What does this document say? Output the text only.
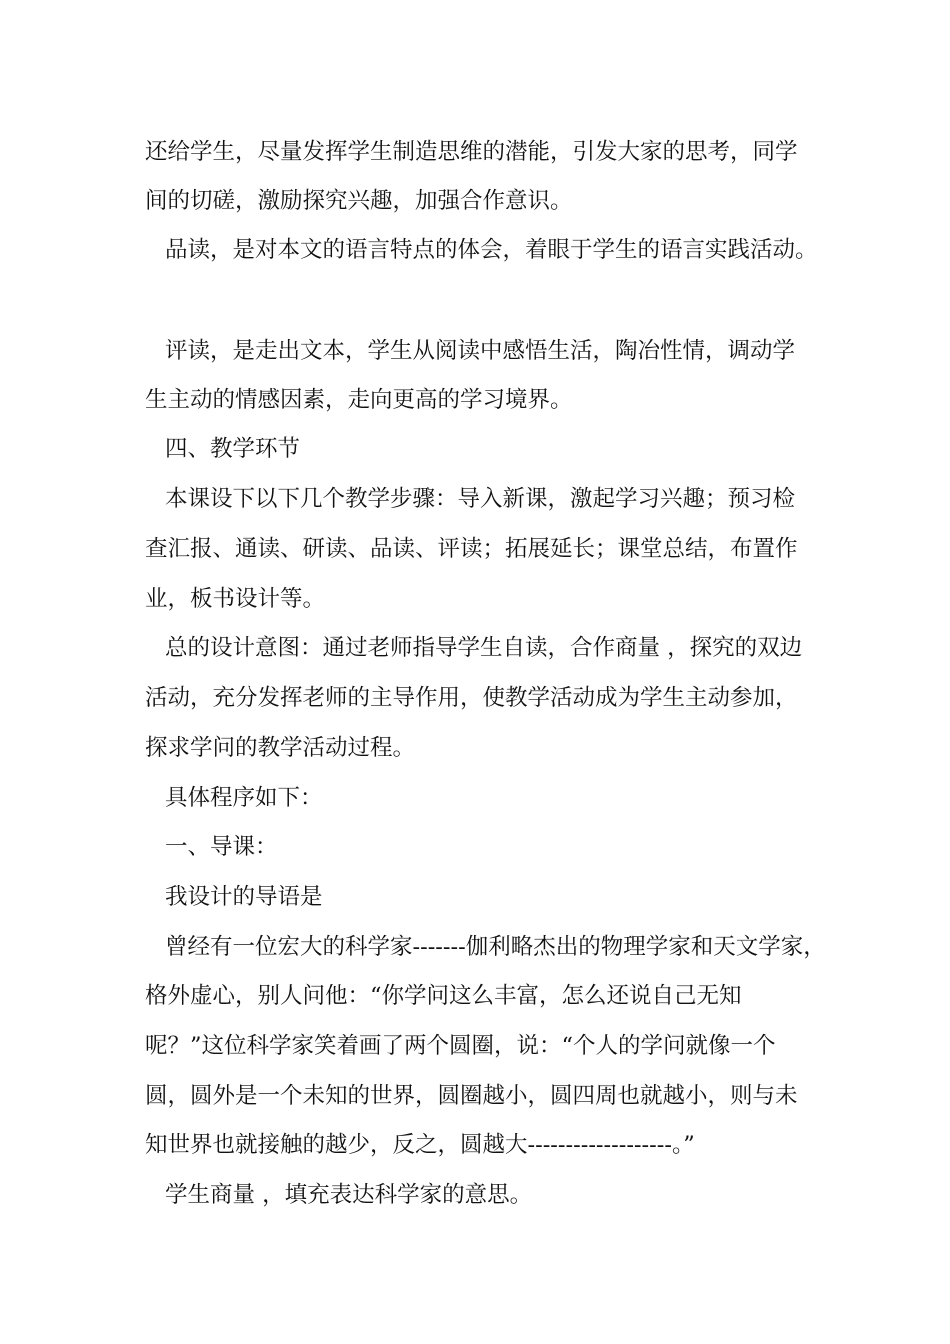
还给学生，尽量发挥学生制造思维的潜能，引发大家的思考，同学
间的切磋，激励探究兴趣，加强合作意识。
品读，是对本文的语言特点的体会，着眼于学生的语言实践活动。
评读，是走出文本，学生从阅读中感悟生活，陶冶性情，调动学
生主动的情感因素，走向更高的学习境界。
四、教学环节
本课设下以下几个教学步骤：导入新课，激起学习兴趣；预习检
查汇报、通读、研读、品读、评读；拓展延长；课堂总结，布置作
业，板书设计等。
总的设计意图：通过老师指导学生自读，合作商量 ，探究的双边
活动，充分发挥老师的主导作用，使教学活动成为学生主动参加，
探求学问的教学活动过程。
具体程序如下：
一、导课：
我设计的导语是
曾经有一位宏大的科学家-------伽利略杰出的物理学家和天文学家，
格外虚心，别人问他：“你学问这么丰富，怎么还说自己无知
呢？”这位科学家笑着画了两个圆圈，说：“个人的学问就像一个
圆，圆外是一个未知的世界，圆圈越小，圆四周也就越小，则与未
知世界也就接触的越少，反之，圆越大-------------------。”
学生商量 ，填充表达科学家的意思。
